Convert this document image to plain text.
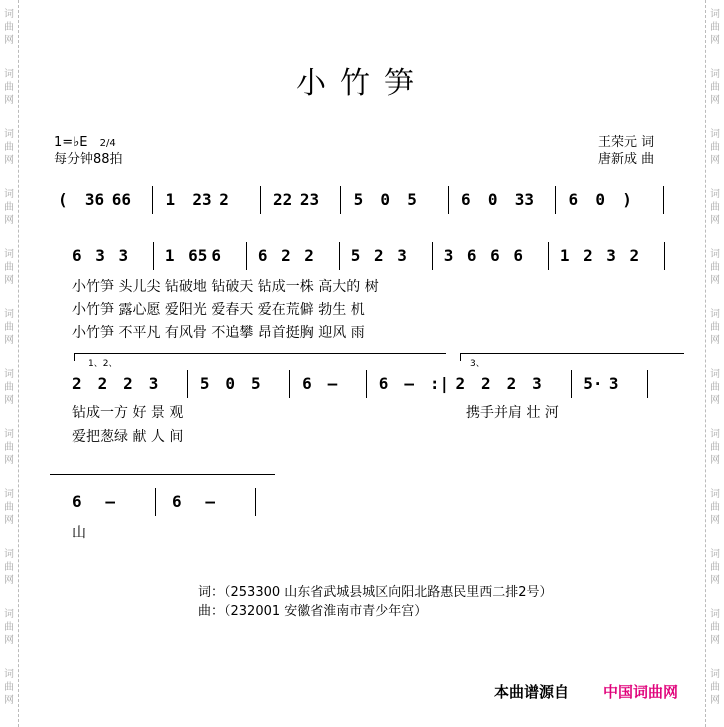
词
曲
网
词
曲
网
词
曲
网
词
曲
网
词
曲
网
词
曲
网
词
曲
网
词
曲
网
词
曲
网
词
曲
网
词
曲
网
词
曲
网
词
曲
网
词
曲
网
词
曲
网
词
曲
网
词
曲
网
词
曲
网
词
曲
网
词
曲
网
词
曲
网
词
曲
网
词
曲
网
词
曲
网
小竹笋
1=♭E 2/4
每分钟88拍
王荣元 词
唐新成 曲
( 36 66 1 23 2	22 23 5 0 5	6 0 33 6 0 )
6 3 3 1 65 6 6 2 2 5 2 3 3 6 6 6 1 2 3 2
小竹笋 头儿尖 钻破地 钻破天 钻成一株 高大的 树
小竹笋 露心愿 爱阳光 爱春天 爱在荒僻 勃生 机
小竹笋 不平凡 有风骨 不追攀 昂首挺胸 迎风 雨
1、2、	3、
2 2 2 3	5 0 5	6 –	6 – :| 2 2 2 3	5· 3
钻成一方 好 景 观	携手并肩 壮 河
爱把葱绿 献 人 间
6 –	6 –
山
词：（253300 山东省武城县城区向阳北路惠民里西二排2号）
曲：（232001 安徽省淮南市青少年宫）
本曲谱源自 中国词曲网
